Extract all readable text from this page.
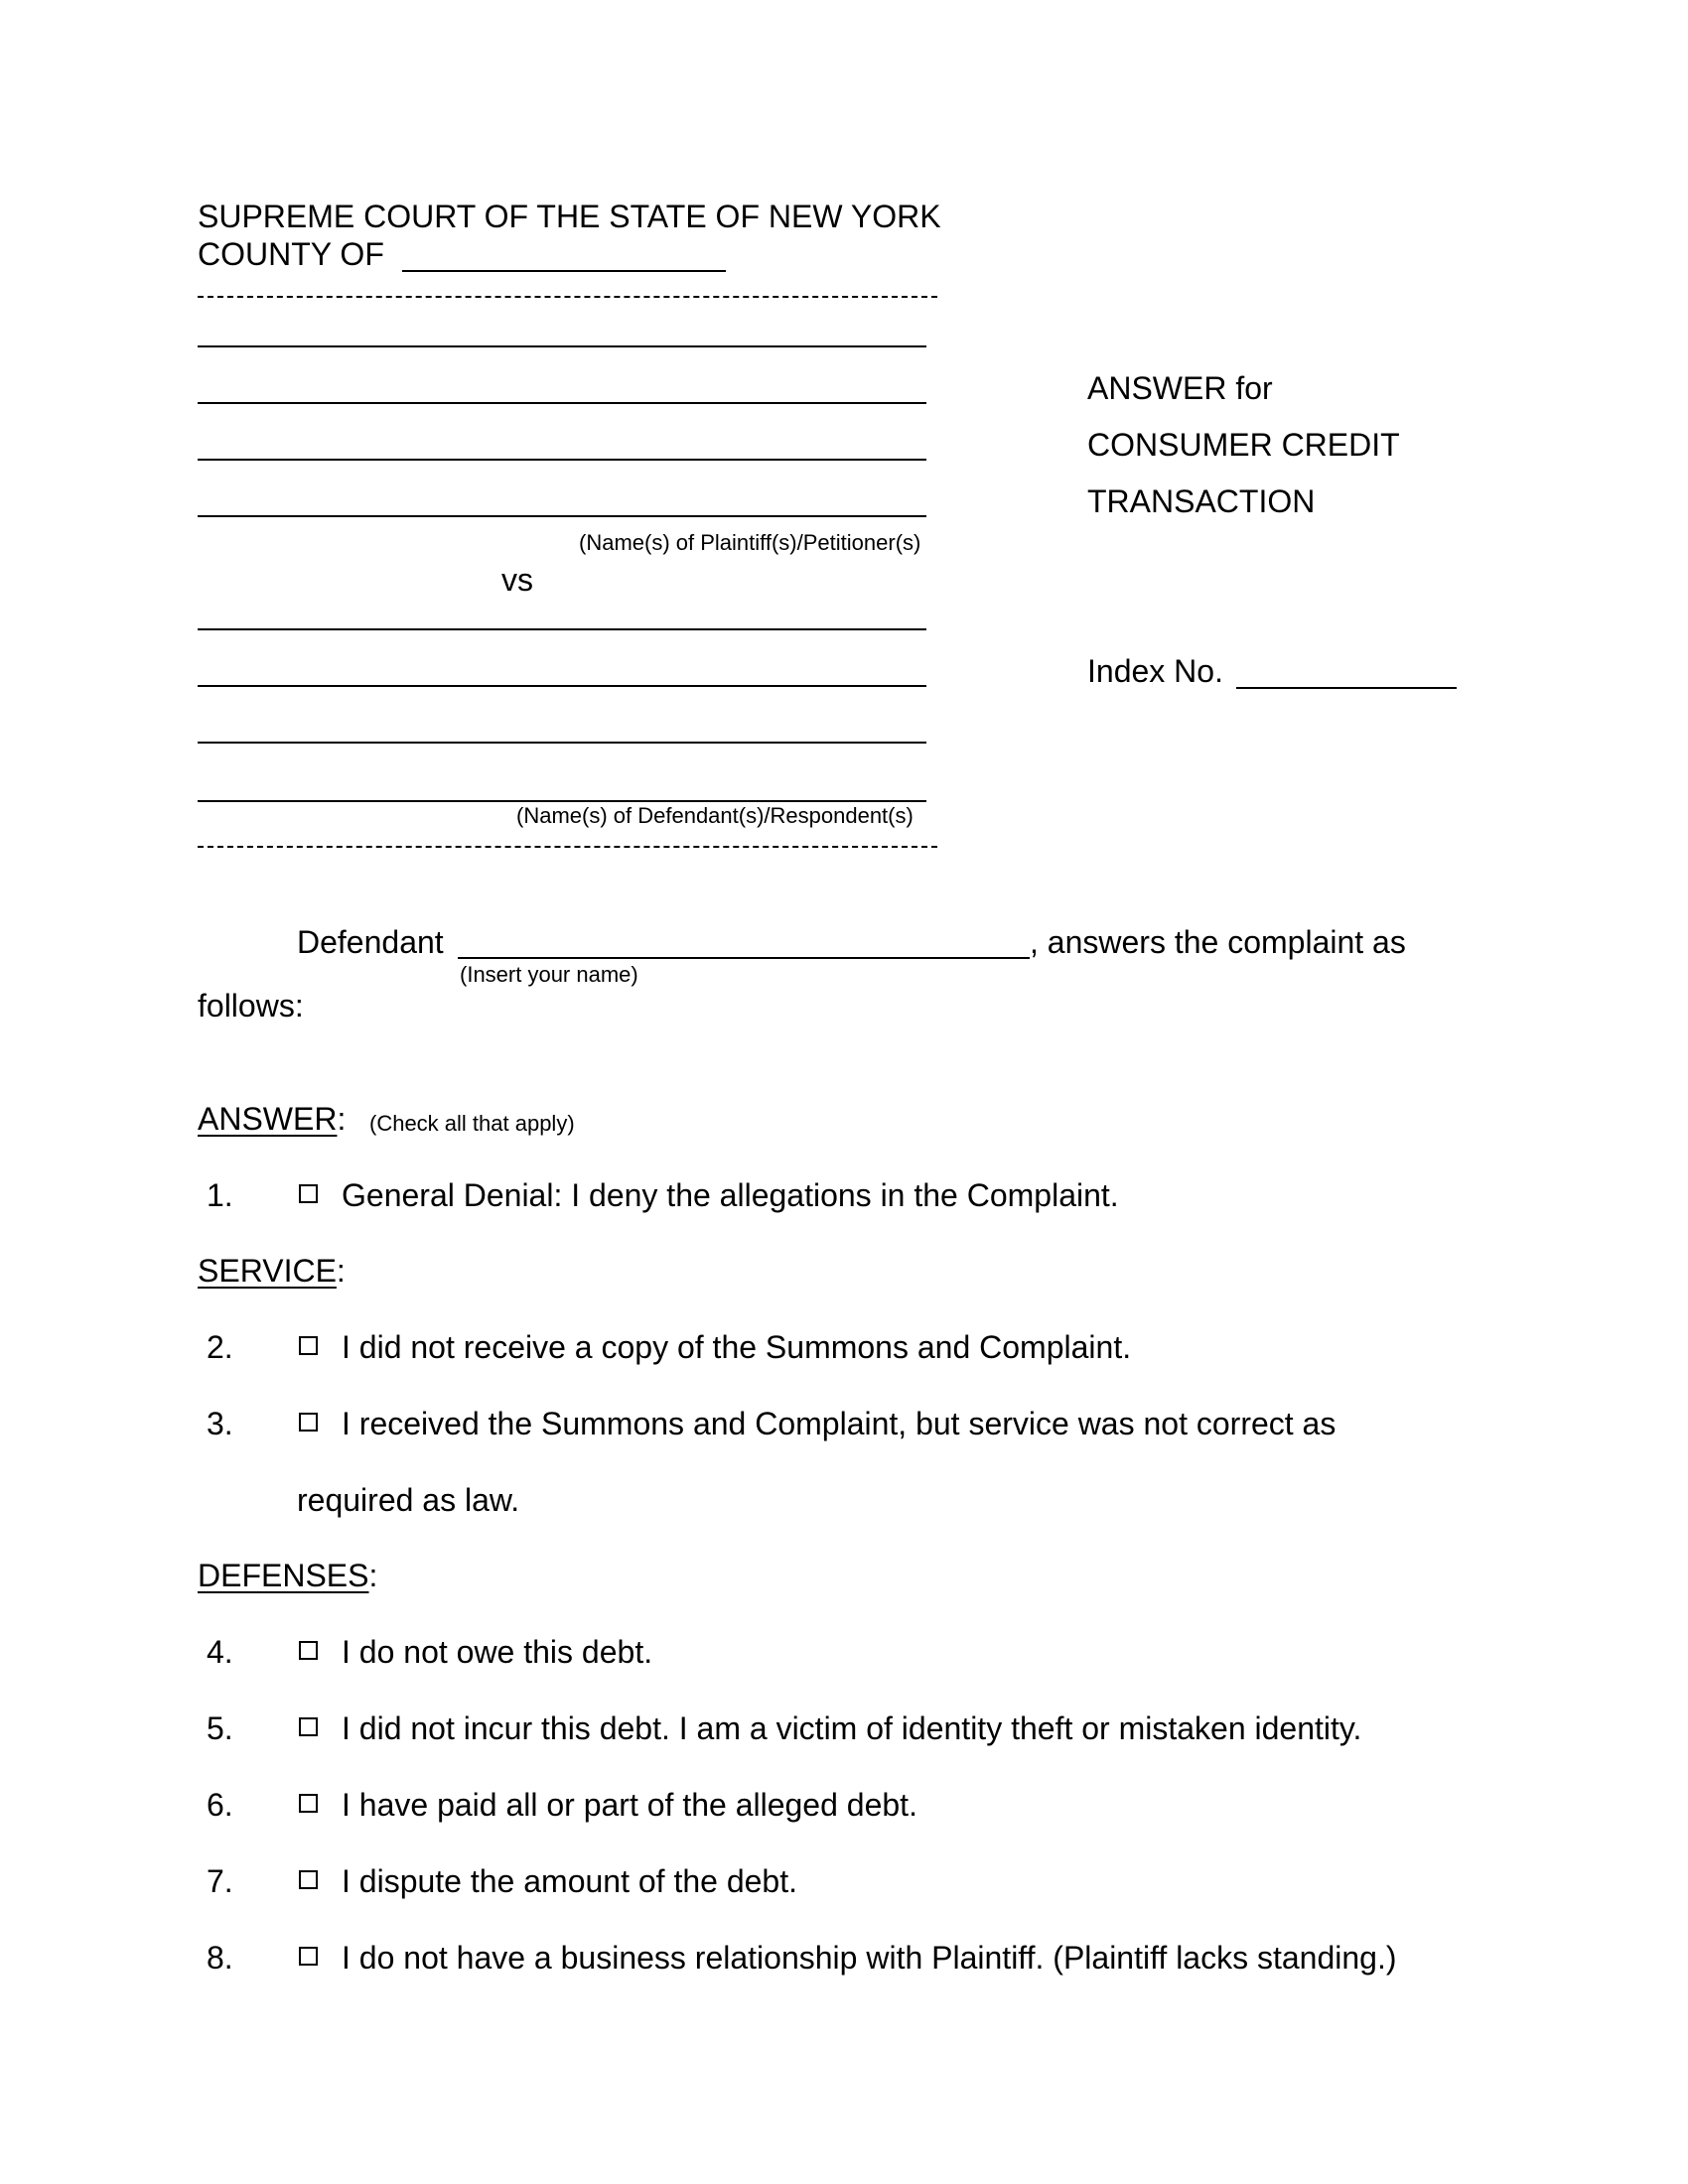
SUPREME COURT OF THE STATE OF NEW YORK
COUNTY OF
(Name(s) of Plaintiff(s)/Petitioner(s)
vs
(Name(s) of Defendant(s)/Respondent(s)
ANSWER for
CONSUMER CREDIT
TRANSACTION
Index No.
Defendant	, answers the complaint as
(Insert your name)
follows:
ANSWER: (Check all that apply)
1.	General Denial: I deny the allegations in the Complaint.
SERVICE:
2.	I did not receive a copy of the Summons and Complaint.
3.	I received the Summons and Complaint, but service was not correct as
required as law.
DEFENSES:
4.	I do not owe this debt.
5.	I did not incur this debt. I am a victim of identity theft or mistaken identity.
6.	I have paid all or part of the alleged debt.
7.	I dispute the amount of the debt.
8.	I do not have a business relationship with Plaintiff. (Plaintiff lacks standing.)
